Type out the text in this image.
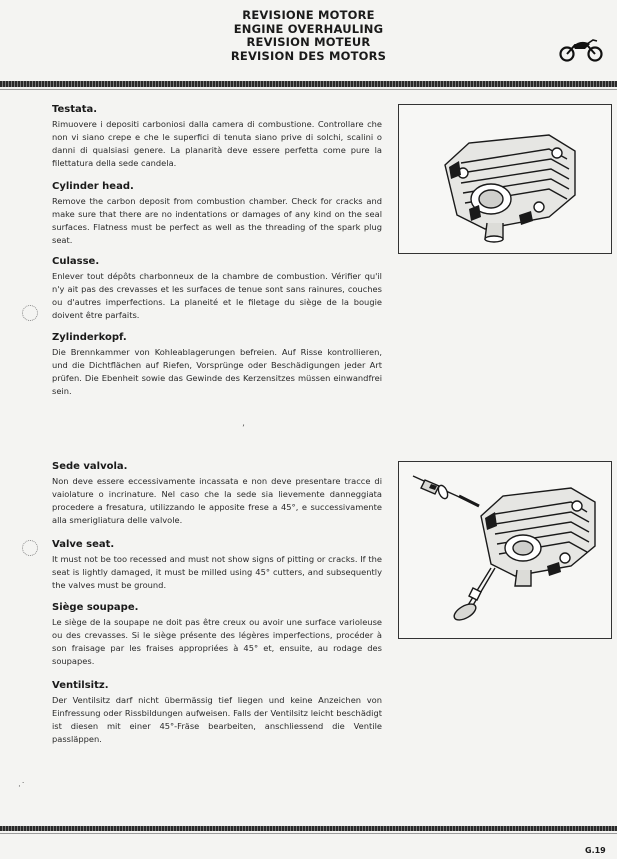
REVISIONE MOTORE
ENGINE OVERHAULING
REVISION MOTEUR
REVISION DES MOTORS
Testata.

Rimuovere i depositi carboniosi dalla camera di combustione. Controllare che non vi siano crepe e che le superfici di tenuta siano prive di solchi, scalini o danni di qualsiasi genere. La planarità deve essere perfetta come pure la filettatura della sede candela.

Cylinder head.

Remove the carbon deposit from combustion chamber. Check for cracks and make sure that there are no indentations or damages of any kind on the seal surfaces. Flatness must be perfect as well as the threading of the spark plug seat.

Culasse.

Enlever tout dépôts charbonneux de la chambre de combustion. Vérifier qu'il n'y ait pas des crevasses et les surfaces de tenue sont sans rainures, couches ou d'autres imperfections. La planeité et le filetage du siège de la bougie doivent être parfaits.

Zylinderkopf.

Die Brennkammer von Kohleablagerungen befreien. Auf Risse kontrollieren, und die Dichtflächen auf Riefen, Vorsprünge oder Beschädigungen jeder Art prüfen. Die Ebenheit sowie das Gewinde des Kerzensitzes müssen einwandfrei sein.

ʼ
Sede valvola.

Non deve essere eccessivamente incassata e non deve presentare tracce di vaiolature o incrinature. Nel caso che la sede sia lievemente danneggiata procedere a fresatura, utilizzando le apposite frese a 45°, e successivamente alla smerigliatura delle valvole.

Valve seat.

It must not be too recessed and must not show signs of pitting or cracks. If the seat is lightly damaged, it must be milled using 45° cutters, and subsequently the valves must be ground.

Siège soupape.

Le siège de la soupape ne doit pas être creux ou avoir une surface varioleuse ou des crevasses. Si le siège présente des légères imperfections, procéder à son fraisage par les fraises appropriées à 45° et, ensuite, au rodage des soupapes.

Ventilsitz.

Der Ventilsitz darf nicht übermässig tief liegen und keine Anzeichen von Einfressung oder Rissbildungen aufweisen. Falls der Ventilsitz leicht beschädigt ist diesen mit einer 45°-Fräse bearbeiten, anschliessend die Ventile passläppen.

·˙
G.19
